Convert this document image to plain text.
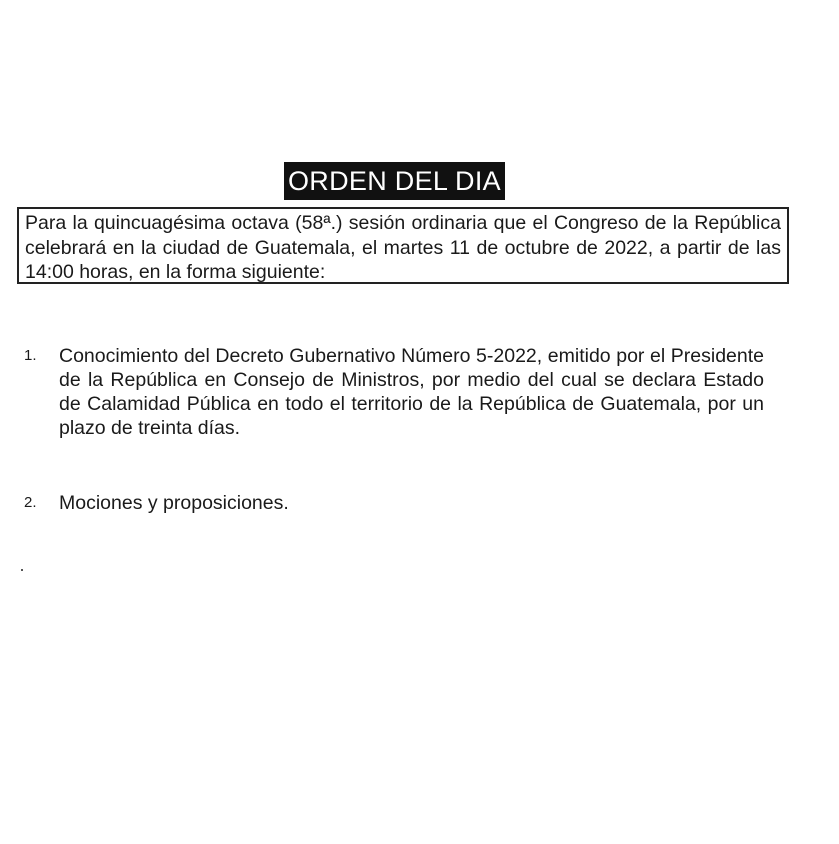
ORDEN DEL DIA
Para la quincuagésima octava (58ª.) sesión ordinaria que el Congreso de la República celebrará en la ciudad de Guatemala, el martes 11 de octubre de 2022, a partir de las 14:00 horas, en la forma siguiente:
1. Conocimiento del Decreto Gubernativo Número 5-2022, emitido por el Presidente de la República en Consejo de Ministros, por medio del cual se declara Estado de Calamidad Pública en todo el territorio de la República de Guatemala, por un plazo de treinta días.
2. Mociones y proposiciones.
